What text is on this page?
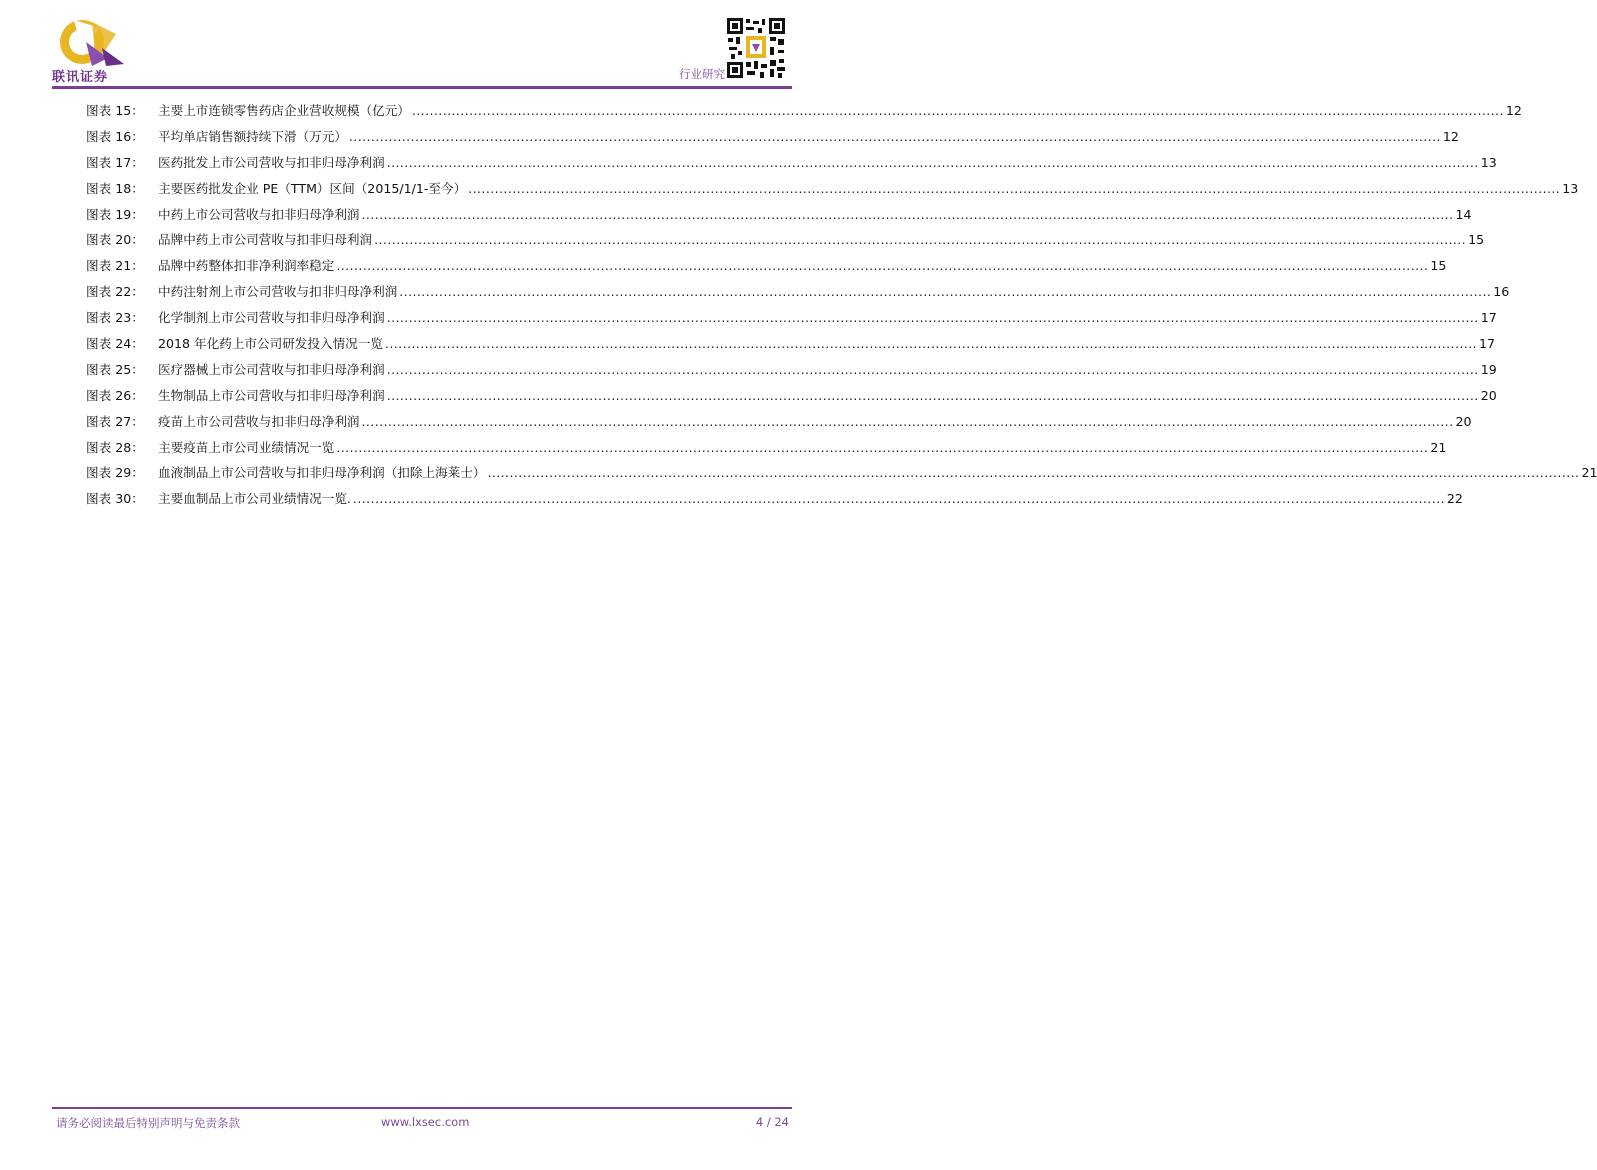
联讯证券	行业研究
图表 15：	主要上市连锁零售药店企业营收规模（亿元） .....	12
图表 16：	平均单店销售额持续下滑（万元） .....	12
图表 17：	医药批发上市公司营收与扣非归母净利润 .....	13
图表 18：	主要医药批发企业 PE（TTM）区间（2015/1/1-至今） .....	13
图表 19：	中药上市公司营收与扣非归母净利润 .....	14
图表 20：	品牌中药上市公司营收与扣非归母利润 .....	15
图表 21：	品牌中药整体扣非净利润率稳定 .....	15
图表 22：	中药注射剂上市公司营收与扣非归母净利润 .....	16
图表 23：	化学制剂上市公司营收与扣非归母净利润 .....	17
图表 24：	2018 年化药上市公司研发投入情况一览 .....	17
图表 25：	医疗器械上市公司营收与扣非归母净利润 .....	19
图表 26：	生物制品上市公司营收与扣非归母净利润 .....	20
图表 27：	疫苗上市公司营收与扣非归母净利润 .....	20
图表 28：	主要疫苗上市公司业绩情况一览 .....	21
图表 29：	血液制品上市公司营收与扣非归母净利润（扣除上海莱士） .....	21
图表 30：	主要血制品上市公司业绩情况一览. .....	22
请务必阅读最后特别声明与免责条款	www.lxsec.com	4 / 24
